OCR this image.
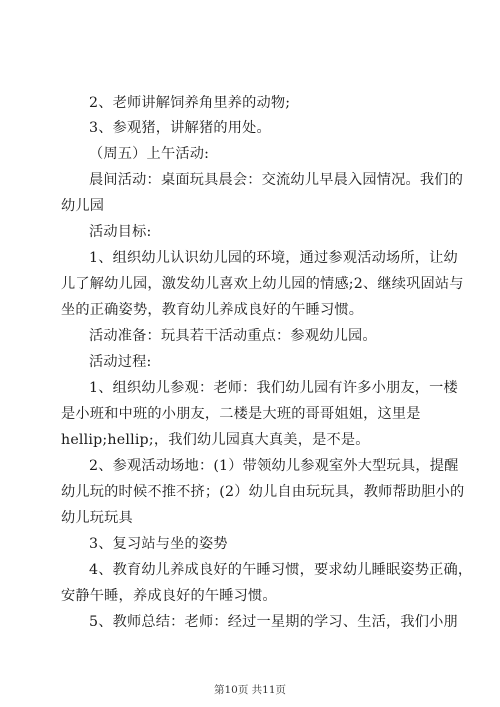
2、老师讲解饲养角里养的动物;
3、参观猪，讲解猪的用处。
（周五）上午活动:
晨间活动：桌面玩具晨会：交流幼儿早晨入园情况。我们的
幼儿园
活动目标:
1、组织幼儿认识幼儿园的环境，通过参观活动场所，让幼
儿了解幼儿园，激发幼儿喜欢上幼儿园的情感;2、继续巩固站与
坐的正确姿势，教育幼儿养成良好的午睡习惯。
活动准备：玩具若干活动重点：参观幼儿园。
活动过程:
1、组织幼儿参观：老师：我们幼儿园有许多小朋友，一楼
是小班和中班的小朋友，二楼是大班的哥哥姐姐，这里是
hellip;hellip;，我们幼儿园真大真美，是不是。
2、参观活动场地：(1）带领幼儿参观室外大型玩具，提醒
幼儿玩的时候不推不挤；(2）幼儿自由玩玩具，教师帮助胆小的
幼儿玩玩具
3、复习站与坐的姿势
4、教育幼儿养成良好的午睡习惯，要求幼儿睡眠姿势正确，
安静午睡，养成良好的午睡习惯。
5、教师总结：老师：经过一星期的学习、生活，我们小朋
第10页 共11页
